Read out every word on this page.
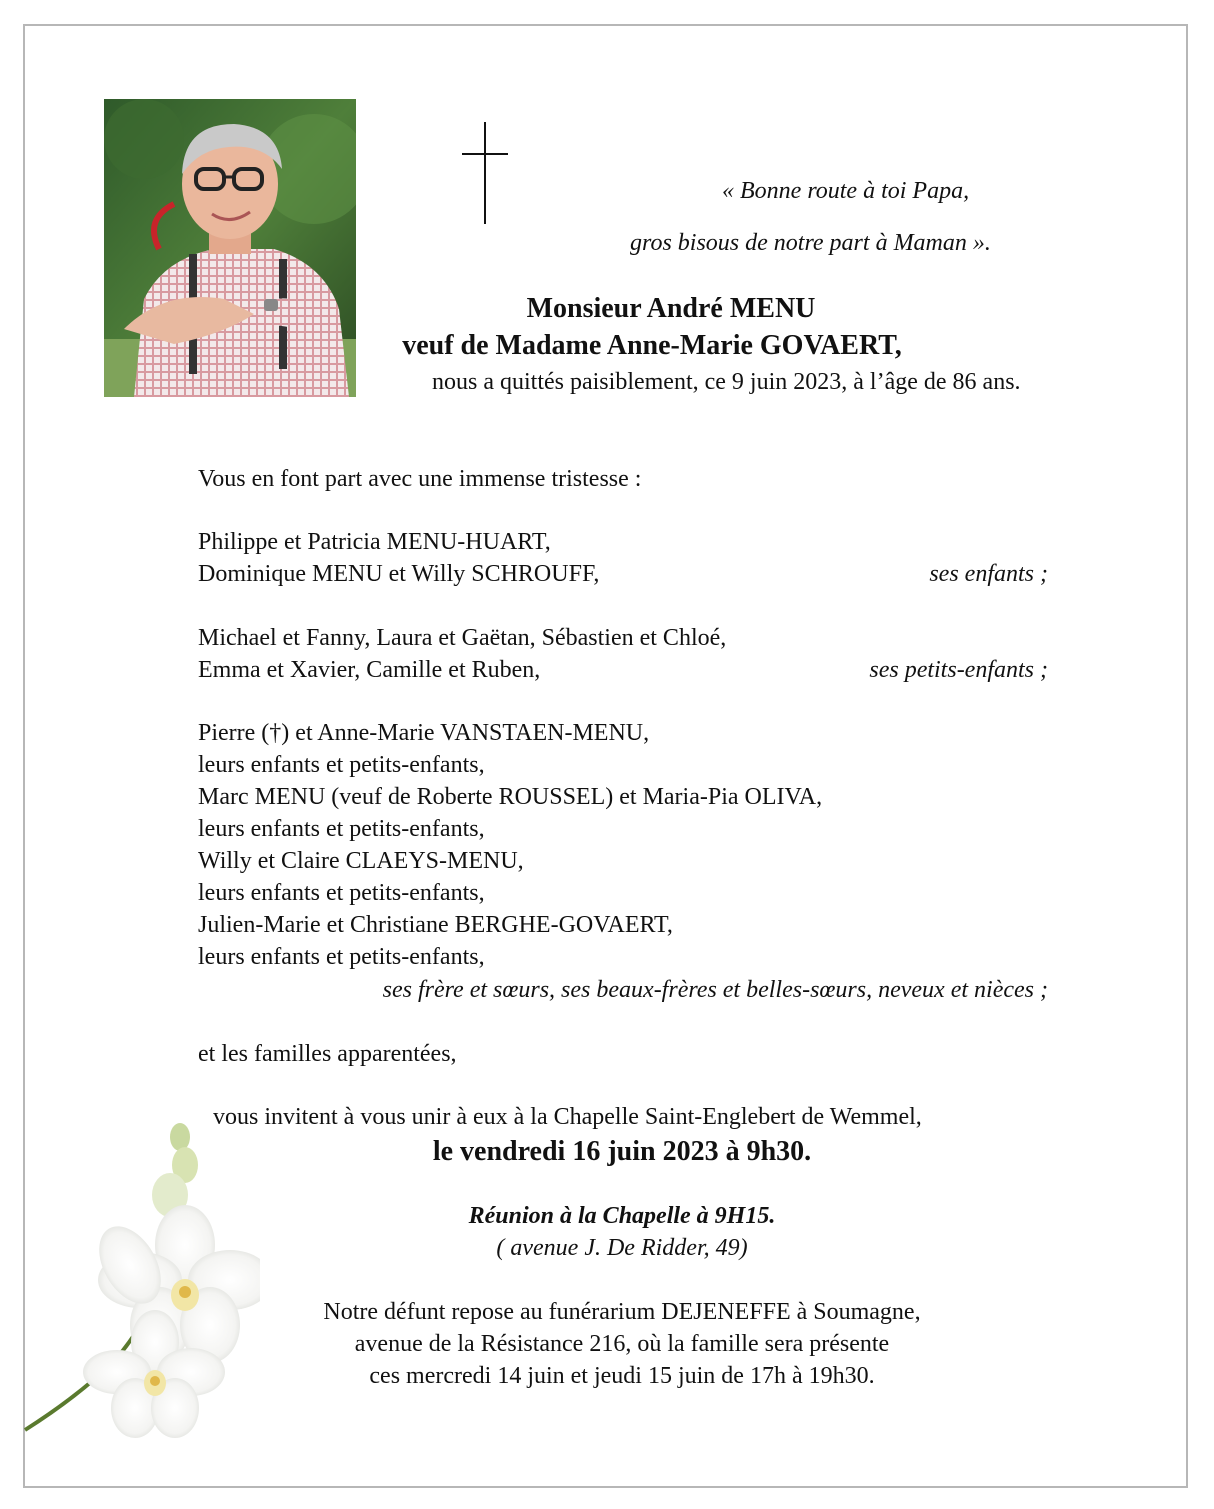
« Bonne route à toi Papa,
gros bisous de notre part à Maman ».
Monsieur André MENU
veuf de Madame Anne-Marie GOVAERT,
nous a quittés paisiblement, ce 9 juin 2023, à l’âge de 86 ans.
Vous en font part avec une immense tristesse :
Philippe et Patricia MENU-HUART,
Dominique MENU et Willy SCHROUFF,	ses enfants ;
Michael et Fanny, Laura et Gaëtan, Sébastien et Chloé,
Emma et Xavier, Camille et Ruben,	ses petits-enfants ;
Pierre (†) et Anne-Marie VANSTAEN-MENU,
leurs enfants et petits-enfants,
Marc MENU (veuf de Roberte ROUSSEL) et Maria-Pia OLIVA,
leurs enfants et petits-enfants,
Willy et Claire CLAEYS-MENU,
leurs enfants et petits-enfants,
Julien-Marie et Christiane BERGHE-GOVAERT,
leurs enfants et petits-enfants,
ses frère et sœurs, ses beaux-frères et belles-sœurs, neveux et nièces ;
et les familles apparentées,
vous invitent à vous unir à eux à la Chapelle Saint-Englebert de Wemmel,
le vendredi 16 juin 2023 à 9h30.
Réunion à la Chapelle à 9H15.
( avenue J. De Ridder, 49)
Notre défunt repose au funérarium DEJENEFFE à Soumagne,
avenue de la Résistance 216, où la famille sera présente
ces mercredi 14 juin et jeudi 15 juin de 17h à 19h30.
